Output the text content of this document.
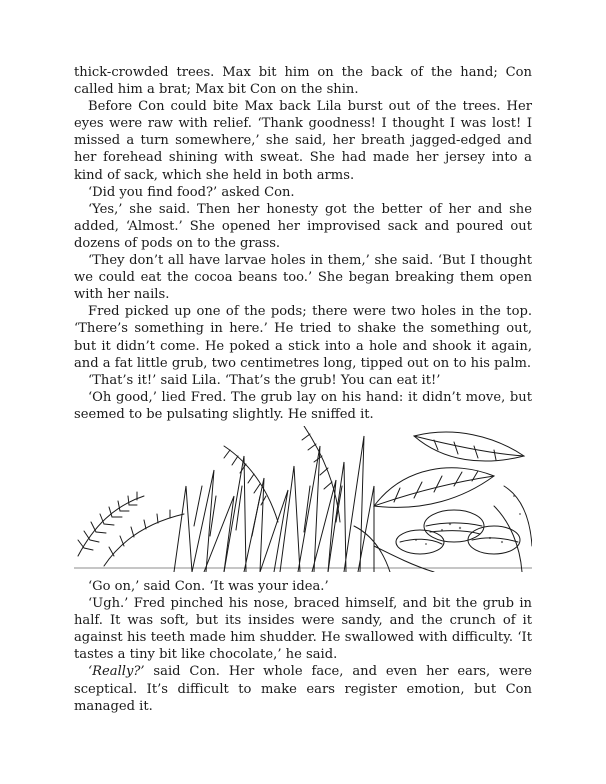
thick-crowded trees. Max bit him on the back of the hand; Con called him a brat; Max bit Con on the shin.

Before Con could bite Max back Lila burst out of the trees. Her eyes were raw with relief. ‘Thank goodness! I thought I was lost! I missed a turn somewhere,’ she said, her breath jagged-edged and her forehead shining with sweat. She had made her jersey into a kind of sack, which she held in both arms.

‘Did you find food?’ asked Con.

‘Yes,’ she said. Then her honesty got the better of her and she added, ‘Almost.’ She opened her improvised sack and poured out dozens of pods on to the grass.

‘They don’t all have larvae holes in them,’ she said. ‘But I thought we could eat the cocoa beans too.’ She began breaking them open with her nails.

Fred picked up one of the pods; there were two holes in the top. ‘There’s something in here.’ He tried to shake the something out, but it didn’t come. He poked a stick into a hole and shook it again, and a fat little grub, two centimetres long, tipped out on to his palm.

‘That’s it!’ said Lila. ‘That’s the grub! You can eat it!’

‘Oh good,’ lied Fred. The grub lay on his hand: it didn’t move, but seemed to be pulsating slightly. He sniffed it.

‘Go on,’ said Con. ‘It was your idea.’

‘Ugh.’ Fred pinched his nose, braced himself, and bit the grub in half. It was soft, but its insides were sandy, and the crunch of it against his teeth made him shudder. He swallowed with difficulty. ‘It tastes a tiny bit like chocolate,’ he said.

‘Really?’ said Con. Her whole face, and even her ears, were sceptical. It’s difficult to make ears register emotion, but Con managed it.
